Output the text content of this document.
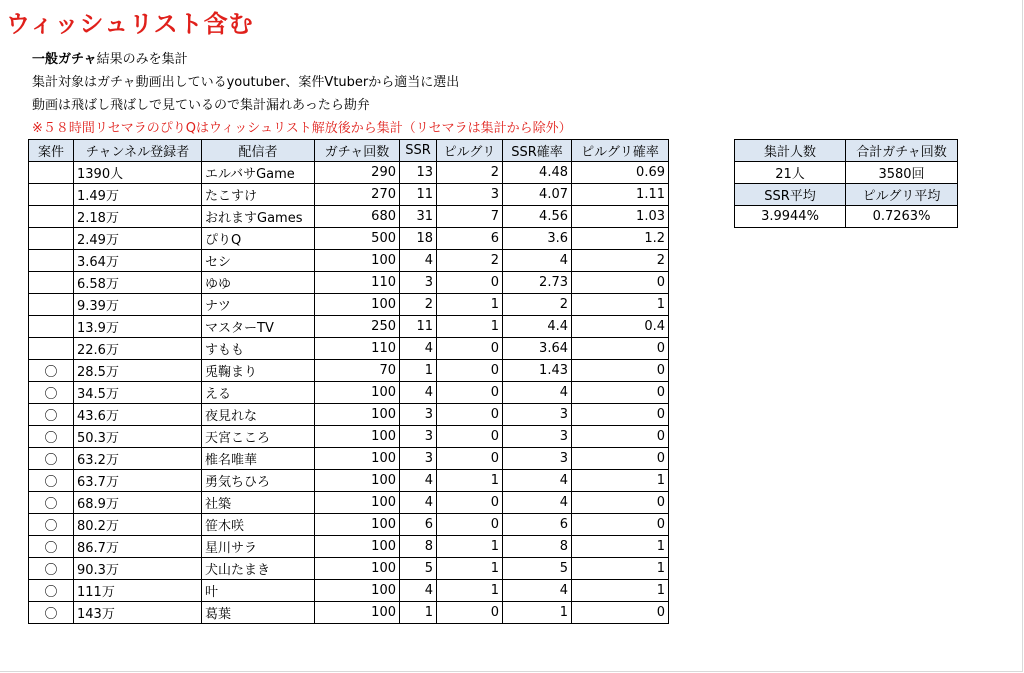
ウィッシュリスト含む
一般ガチャ結果のみを集計
集計対象はガチャ動画出しているyoutuber、案件Vtuberから適当に選出
動画は飛ばし飛ばしで見ているので集計漏れあったら勘弁
※５８時間リセマラのぴりQはウィッシュリスト解放後から集計（リセマラは集計から除外）
案件	チャンネル登録者	配信者	ガチャ回数	SSR	ピルグリ	SSR確率	ピルグリ確率
	1390人	エルバサGame	290	13	2	4.48	0.69
	1.49万	たこすけ	270	11	3	4.07	1.11
	2.18万	おれますGames	680	31	7	4.56	1.03
	2.49万	ぴりQ	500	18	6	3.6	1.2
	3.64万	セシ	100	4	2	4	2
	6.58万	ゆゆ	110	3	0	2.73	0
	9.39万	ナツ	100	2	1	2	1
	13.9万	マスターTV	250	11	1	4.4	0.4
	22.6万	すもも	110	4	0	3.64	0
〇	28.5万	兎鞠まり	70	1	0	1.43	0
〇	34.5万	える	100	4	0	4	0
〇	43.6万	夜見れな	100	3	0	3	0
〇	50.3万	天宮こころ	100	3	0	3	0
〇	63.2万	椎名唯華	100	3	0	3	0
〇	63.7万	勇気ちひろ	100	4	1	4	1
〇	68.9万	社築	100	4	0	4	0
〇	80.2万	笹木咲	100	6	0	6	0
〇	86.7万	星川サラ	100	8	1	8	1
〇	90.3万	犬山たまき	100	5	1	5	1
〇	111万	叶	100	4	1	4	1
〇	143万	葛葉	100	1	0	1	0
集計人数	合計ガチャ回数
21人	3580回
SSR平均	ピルグリ平均
3.9944%	0.7263%
